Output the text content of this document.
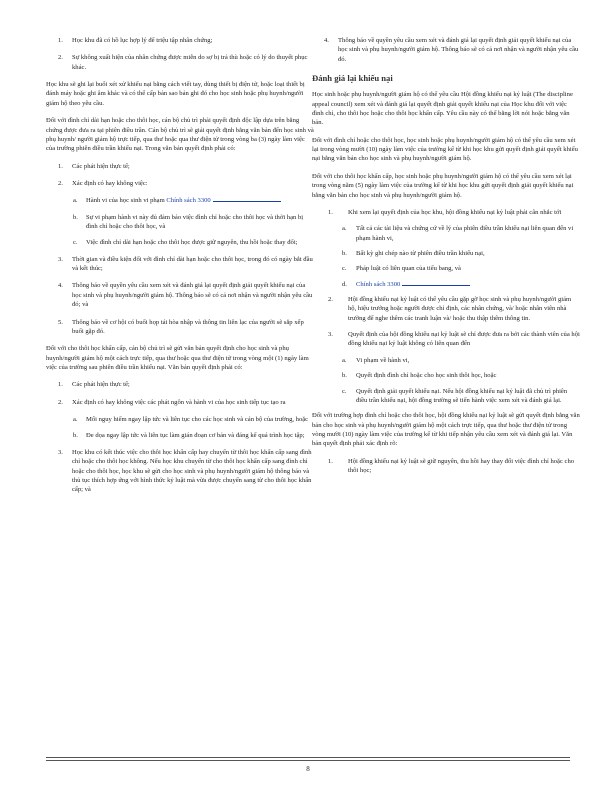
1. Học khu đã có hồ lục hợp lý để triệu tập nhân chứng;
2. Sự không xuất hiện của nhân chứng được miễn do sợ bị trả thù hoặc có lý do thuyết phục khác.

Học khu sẽ ghi lại buổi xét xử khiếu nại bằng cách viết tay, dùng thiết bị điện tử, hoặc loại thiết bị đánh máy hoặc ghi âm khác và có thể cấp bản sao bản ghi đó cho học sinh hoặc phụ huynh/người giám hộ theo yêu cầu.

Đối với đình chỉ dài hạn hoặc cho thôi học, cán bộ chủ trì phải quyết định độc lập dựa trên bằng chứng được đưa ra tại phiên điều trần. Cán bộ chủ trì sẽ giải quyết định bằng văn bản đến học sinh và phụ huynh/ người giám hộ trực tiếp, qua thư hoặc qua thư điện tử trong vòng ba (3) ngày làm việc của trường phiên điều trần khiếu nại. Trong văn bản quyết định phải có:

1. Các phát hiện thực tế;
2. Xác định có hay không việc:
a. Hành vi của học sinh vi phạm Chính sách 3300
b. Sự vi phạm hành vi này đủ đảm bảo việc đình chỉ hoặc cho thôi học và thời hạn bị đình chỉ hoặc cho thôi học, và
c. Việc đình chỉ dài hạn hoặc cho thôi học được giữ nguyên, thu hồi hoặc thay đổi;
3. Thời gian và điều kiện đối với đình chỉ dài hạn hoặc cho thôi học, trong đó có ngày bắt đầu và kết thúc;
4. Thông báo về quyền yêu cầu xem xét và đánh giá lại quyết định giải quyết khiếu nại của học sinh và phụ huynh/người giám hộ. Thông báo sẽ có cả nơi nhận và người nhận yêu cầu đó; và
5. Thông báo về cơ hội có buổi họp tái hòa nhập và thông tin liên lạc của người sẽ sắp xếp buổi gặp đó.

Đối với cho thôi học khẩn cấp, cán bộ chủ trì sẽ gửi văn bản quyết định cho học sinh và phụ huynh/người giám hộ một cách trực tiếp, qua thư hoặc qua thư điện tử trong vòng một (1) ngày làm việc của trường sau phiên điều trần khiếu nại. Văn bản quyết định phải có:

1. Các phát hiện thực tế;
2. Xác định có hay không việc các phát ngôn và hành vi của học sinh tiếp tục tạo ra
a. Mối nguy hiểm ngay lập tức và liên tục cho các học sinh và cán bộ của trường, hoặc
b. Đe dọa ngay lập tức và liên tục làm gián đoạn cơ bản và đáng kể quá trình học tập;
3. Học khu có kết thúc việc cho thôi học khẩn cấp hay chuyển từ thôi học khẩn cấp sang đình chỉ hoặc cho thôi học không. Nếu học khu chuyển từ cho thôi học khẩn cấp sang đình chỉ hoặc cho thôi học, học khu sẽ gửi cho học sinh và phụ huynh/người giám hộ thông báo và thủ tục thích hợp ứng với hình thức kỷ luật mà vừa được chuyển sang từ cho thôi học khẩn cấp; và
4. Thông báo về quyền yêu cầu xem xét và đánh giá lại quyết định giải quyết khiếu nại của học sinh và phụ huynh/người giám hộ. Thông báo sẽ có cả nơi nhận và người nhận yêu cầu đó.
Đánh giá lại khiếu nại

Học sinh hoặc phụ huynh/người giám hộ có thể yêu cầu Hội đồng khiếu nại kỷ luật (The discipline appeal council) xem xét và đánh giá lại quyết định giải quyết khiếu nại của Học khu đối với việc đình chỉ, cho thôi học hoặc cho thôi học khẩn cấp. Yêu cầu này có thể bằng lời nói hoặc bằng văn bản.

Đối với đình chỉ hoặc cho thôi học, học sinh hoặc phụ huynh/người giám hộ có thể yêu cầu xem xét lại trong vòng mười (10) ngày làm việc của trường kể từ khi học khu gửi quyết định giải quyết khiếu nại bằng văn bản cho học sinh và phụ huynh/người giám hộ.

Đối với cho thôi học khẩn cấp, học sinh hoặc phụ huynh/người giám hộ có thể yêu cầu xem xét lại trong vòng năm (5) ngày làm việc của trường kể từ khi học khu gửi quyết định giải quyết khiếu nại bằng văn bản cho học sinh và phụ huynh/người giám hộ.

1. Khi xem lại quyết định của học khu, hội đồng khiếu nại kỷ luật phải cân nhắc tới
a. Tất cả các tài liệu và chứng cứ về lý của phiên điều trần khiếu nại liên quan đến vi phạm hành vi,
b. Bất kỳ ghi chép nào từ phiên điều trần khiếu nại,
c. Pháp luật có liên quan của tiểu bang, và
d. Chính sách 3300
2. Hội đồng khiếu nại kỷ luật có thể yêu cầu gặp gỡ học sinh và phụ huynh/người giám hộ, hiệu trưởng hoặc người được chỉ định, các nhân chứng, và/ hoặc nhân viên nhà trường để nghe thêm các tranh luận và/ hoặc thu thập thêm thông tin.
3. Quyết định của hội đồng khiếu nại kỷ luật sẽ chỉ được đưa ra bởi các thành viên của hội đồng khiếu nại kỷ luật không có liên quan đến
a. Vi phạm về hành vi,
b. Quyết định đình chỉ hoặc cho học sinh thôi học, hoặc
c. Quyết định giải quyết khiếu nại. Nếu hội đồng khiếu nại kỷ luật đã chủ trì phiên điều trần khiếu nại, hội đồng trường sẽ tiến hành việc xem xét và đánh giá lại.

Đối với trường hợp đình chỉ hoặc cho thôi học, hội đồng khiếu nại kỷ luật sẽ gửi quyết định bằng văn bản cho học sinh và phụ huynh/người giám hộ một cách trực tiếp, qua thư hoặc thư điện tử trong vòng mười (10) ngày làm việc của trường kể từ khi tiếp nhận yêu cầu xem xét và đánh giá lại. Văn bản quyết định phải xác định rõ:

1. Hội đồng khiếu nại kỷ luật sẽ giữ nguyên, thu hồi hay thay đổi việc đình chỉ hoặc cho thôi học;
8
